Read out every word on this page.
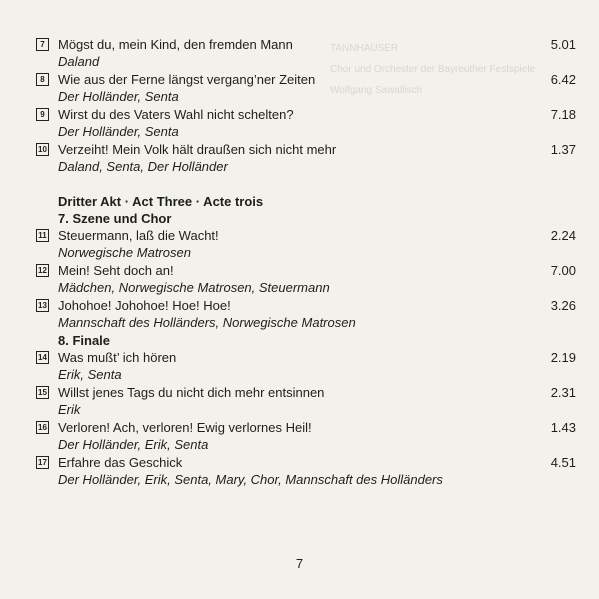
TANNHAUSER
Chor und Orchester der Bayreuther Festspiele
Wolfgang Sawallisch
7	Mögst du, mein Kind, den fremden Mann	5.01
Daland
8	Wie aus der Ferne längst vergang’ner Zeiten	6.42
Der Holländer, Senta
9	Wirst du des Vaters Wahl nicht schelten?	7.18
Der Holländer, Senta
10 Verzeiht! Mein Volk hält draußen sich nicht mehr	1.37
Daland, Senta, Der Holländer
Dritter Akt · Act Three · Acte trois
7. Szene und Chor
11 Steuermann, laß die Wacht!	2.24
Norwegische Matrosen
12 Mein! Seht doch an!	7.00
Mädchen, Norwegische Matrosen, Steuermann
13 Johohoe! Johohoe! Hoe! Hoe!	3.26
Mannschaft des Holländers, Norwegische Matrosen
8. Finale
14 Was mußt’ ich hören	2.19
Erik, Senta
15 Willst jenes Tags du nicht dich mehr entsinnen	2.31
Erik
16 Verloren! Ach, verloren! Ewig verlornes Heil!	1.43
Der Holländer, Erik, Senta
17 Erfahre das Geschick	4.51
Der Holländer, Erik, Senta, Mary, Chor, Mannschaft des Holländers
7
